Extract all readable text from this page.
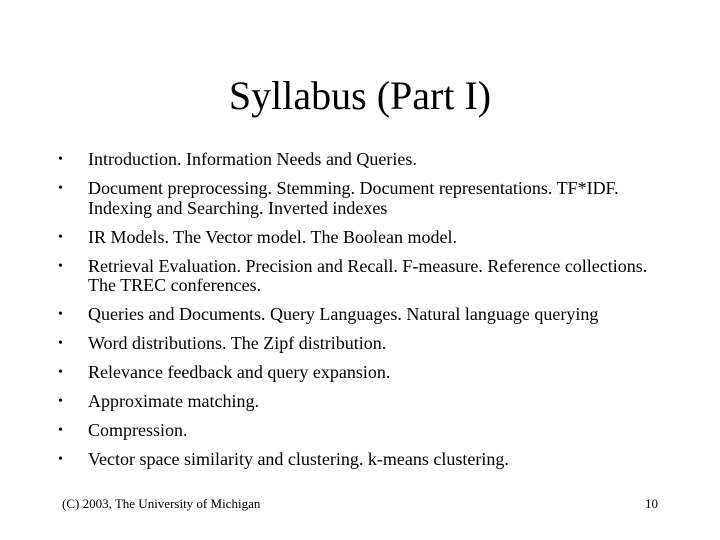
Syllabus (Part I)
•	Introduction. Information Needs and Queries.
•	Document preprocessing. Stemming. Document representations. TF*IDF. Indexing and Searching. Inverted indexes
•	IR Models. The Vector model. The Boolean model.
•	Retrieval Evaluation. Precision and Recall. F-measure. Reference collections. The TREC conferences.
•	Queries and Documents. Query Languages. Natural language querying
•	Word distributions. The Zipf distribution.
•	Relevance feedback and query expansion.
•	Approximate matching.
•	Compression.
•	Vector space similarity and clustering. k-means clustering.
(C) 2003, The University of Michigan	10
